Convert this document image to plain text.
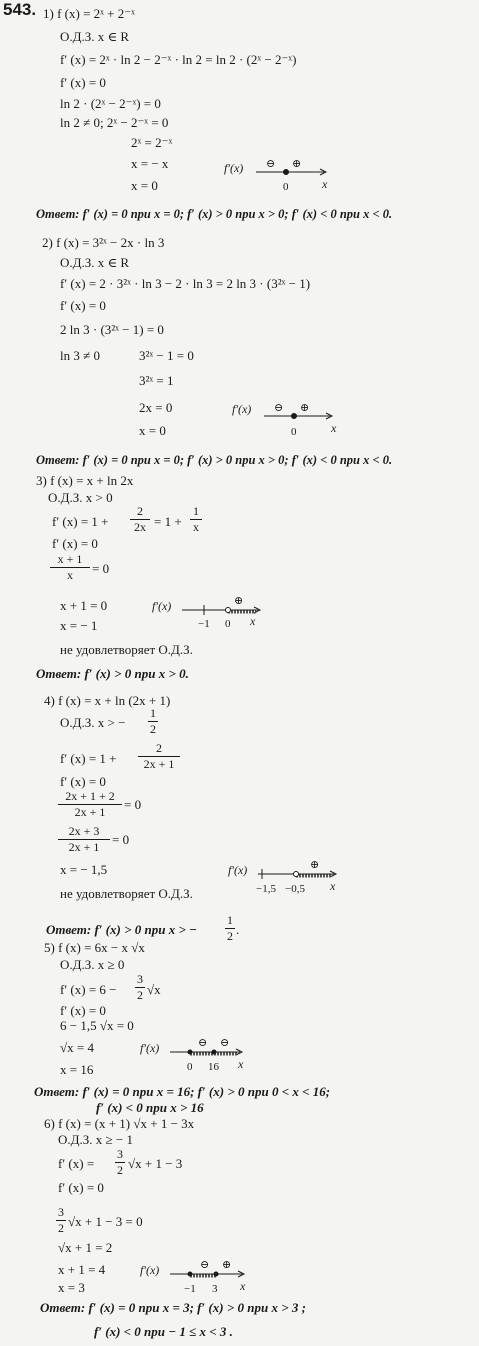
543. 1) f (x) = 2ˣ + 2⁻ˣ
О.Д.З. x ∈ R
f′ (x) = 2ˣ · ln 2 − 2⁻ˣ · ln 2 = ln 2 · (2ˣ − 2⁻ˣ)
f′ (x) = 0
ln 2 · (2ˣ − 2⁻ˣ) = 0
ln 2 ≠ 0; 2ˣ − 2⁻ˣ = 0
2ˣ = 2⁻ˣ
x = − x
x = 0
f′(x) ⊖ ⊕
0	x
Ответ: f′ (x) = 0 при x = 0; f′ (x) > 0 при x > 0; f′ (x) < 0 при x < 0.
2) f (x) = 3²ˣ − 2x · ln 3
О.Д.З. x ∈ R
f′ (x) = 2 · 3²ˣ · ln 3 − 2 · ln 3 = 2 ln 3 · (3²ˣ − 1)
f′ (x) = 0
2 ln 3 · (3²ˣ − 1) = 0
ln 3 ≠ 0	3²ˣ − 1 = 0
3²ˣ = 1
2x = 0
x = 0
f′(x) ⊖ ⊕
0	x
Ответ: f′ (x) = 0 при x = 0; f′ (x) > 0 при x > 0; f′ (x) < 0 при x < 0.
3) f (x) = x + ln 2x
О.Д.З. x > 0
f′ (x) = 1 +
2
2x = 1 +
1
x
f′ (x) = 0
x + 1
x	= 0
x + 1 = 0
x = − 1
не удовлетворяет О.Д.З.
f′(x)	⊕
−1 0 x
Ответ: f′ (x) > 0 при x > 0.
4) f (x) = x + ln (2x + 1)
О.Д.З. x > −
1
2
f′ (x) = 1 +
2
2x + 1
f′ (x) = 0
2x + 1 + 2
2x + 1	= 0
2x + 3
2x + 1 = 0
x = − 1,5
не удовлетворяет О.Д.З.
f′(x)	⊕
−1,5 −0,5 x
Ответ: f′ (x) > 0 при x > −
1
2 .
5) f (x) = 6x − x √x
О.Д.З. x ≥ 0
f′ (x) = 6 −
3
2 √x
f′ (x) = 0
6 − 1,5 √x = 0
√x = 4
x = 16
f′(x)	⊖ ⊖
0 16 x
Ответ: f′ (x) = 0 при x = 16; f′ (x) > 0 при 0 < x < 16;
f′ (x) < 0 при x > 16
6) f (x) = (x + 1) √x + 1 − 3x
О.Д.З. x ≥ − 1
f′ (x) =
3
2 √x + 1 − 3
f′ (x) = 0
3
2 √x + 1 − 3 = 0
√x + 1 = 2
x + 1 = 4
x = 3
f′(x)	⊖ ⊕
−1 3 x
Ответ: f′ (x) = 0 при x = 3; f′ (x) > 0 при x > 3 ;
f′ (x) < 0 при − 1 ≤ x < 3 .
